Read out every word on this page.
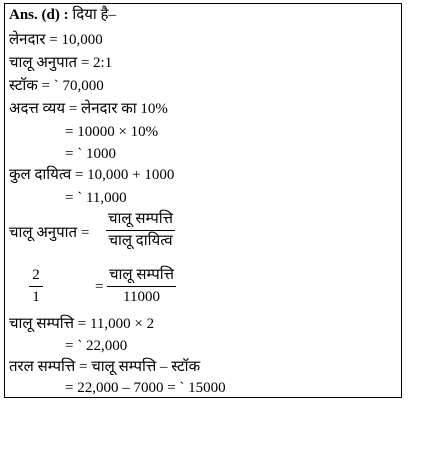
Ans. (d) : दिया है–
लेनदार = 10,000
चालू अनुपात = 2:1
स्टॉक = ` 70,000
अदत्त व्यय = लेनदार का 10%
= 10000 × 10%
= ` 1000
कुल दायित्व = 10,000 + 1000
= ` 11,000
चालू अनुपात =
चालू सम्पत्ति
चालू दायित्व
$\frac{2}{1}$	=
चालू सम्पत्ति
11000
चालू सम्पत्ति = 11,000 × 2
= ` 22,000
तरल सम्पत्ति = चालू सम्पत्ति – स्टॉक
= 22,000 – 7000 = ` 15000
